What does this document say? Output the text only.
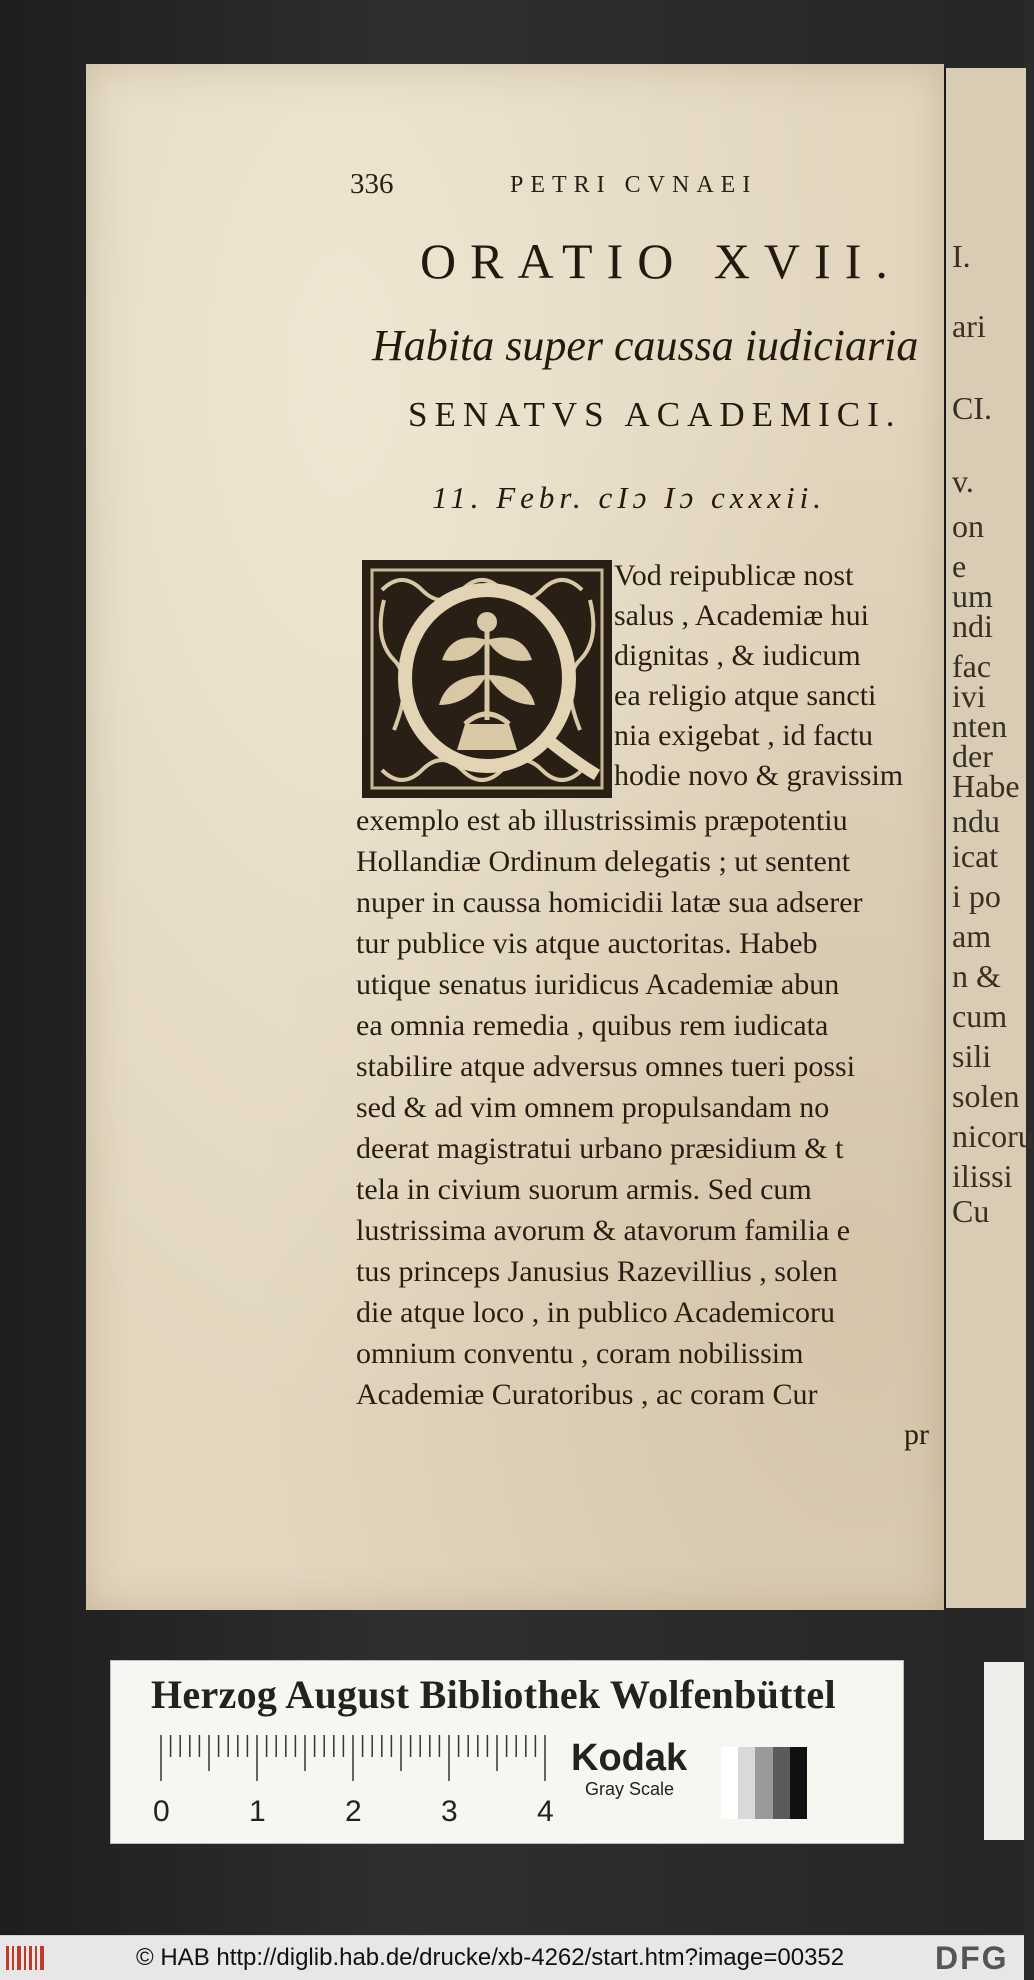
I.
ari
CI.
v.
on
e
um
ndi
fac
ivi
nten
der
Habe
ndu
icat
i po
am
n &
cum
sili
solen
nicoru
ilissi
Cu
336	PETRI CVNAEI
ORATIO XVII.
Habita super caussa iudiciaria
SENATVS ACADEMICI.
11. Febr. cIɔ Iɔ cxxxii.
Vod reipublicæ nost
salus , Academiæ hui
dignitas , & iudicum
ea religio atque sancti
nia exigebat , id factu
hodie novo & gravissim
exemplo est ab illustrissimis præpotentiu
Hollandiæ Ordinum delegatis ; ut sentent
nuper in caussa homicidii latæ sua adserer
tur publice vis atque auctoritas. Habeb
utique senatus iuridicus Academiæ abun
ea omnia remedia , quibus rem iudicata
stabilire atque adversus omnes tueri possi
sed & ad vim omnem propulsandam no
deerat magistratui urbano præsidium & t
tela in civium suorum armis. Sed cum
lustrissima avorum & atavorum familia e
tus princeps Janusius Razevillius , solen
die atque loco , in publico Academicoru
omnium conventu , coram nobilissim
Academiæ Curatoribus , ac coram Cur
pr
Herzog August Bibliothek Wolfenbüttel
0	1	2	3	4
Kodak
Gray Scale
© HAB http://diglib.hab.de/drucke/xb-4262/start.htm?image=00352	DFG
